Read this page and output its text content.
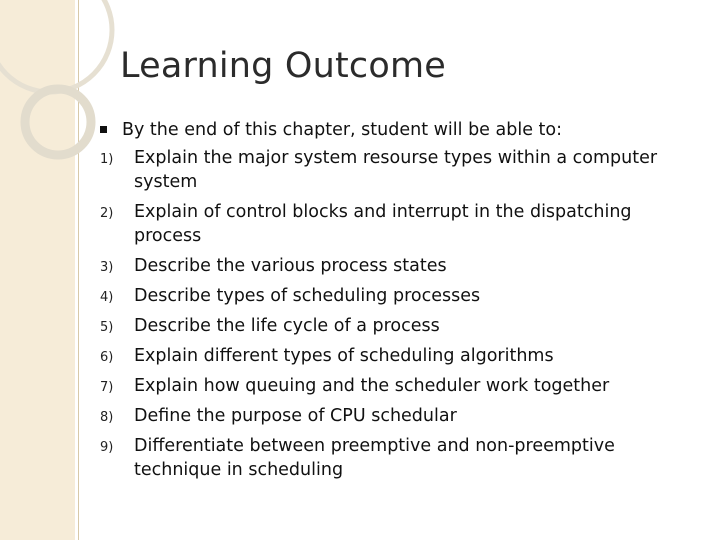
Learning Outcome

By the end of this chapter, student will be able to:

1) Explain the major system resourse types within a computer system
2) Explain of control blocks and interrupt in the dispatching process
3) Describe the various process states
4) Describe types of scheduling processes
5) Describe the life cycle of a process
6) Explain different types of scheduling algorithms
7) Explain how queuing and the scheduler work together
8) Define the purpose of CPU schedular
9) Differentiate between preemptive and non-preemptive technique in scheduling
